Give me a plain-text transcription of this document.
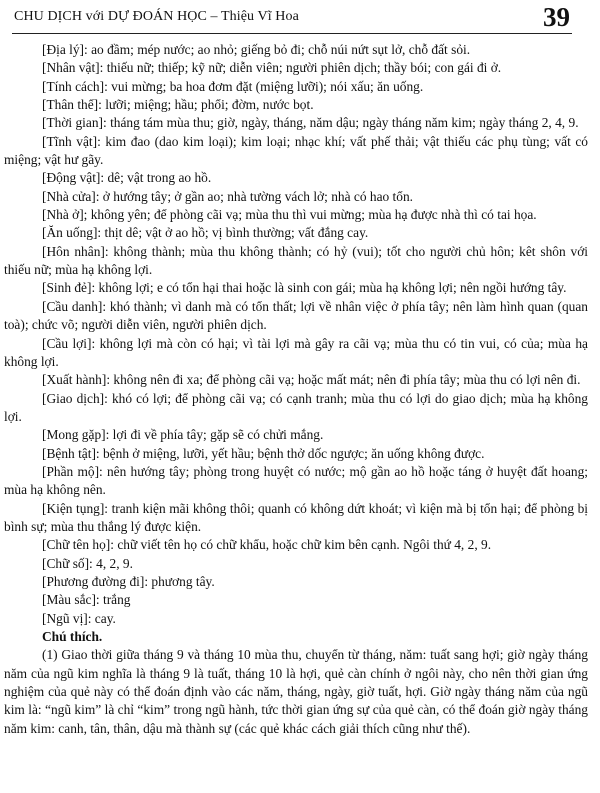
CHU DỊCH với DỰ ĐOÁN HỌC – Thiệu Vĩ Hoa	39

[Địa lý]: ao đầm; mép nước; ao nhỏ; giếng bỏ đi; chỗ núi nứt sụt lở, chỗ đất sỏi.

[Nhân vật]: thiếu nữ; thiếp; kỹ nữ; diễn viên; người phiên dịch; thầy bói; con gái đi ở.

[Tính cách]: vui mừng; ba hoa đơm đặt (miệng lưỡi); nói xấu; ăn uống.

[Thân thể]: lưỡi; miệng; hầu; phổi; đờm, nước bọt.

[Thời gian]: tháng tám mùa thu; giờ, ngày, tháng, năm dậu; ngày tháng năm kim; ngày tháng 2, 4, 9.

[Tĩnh vật]: kim đao (dao kim loại); kim loại; nhạc khí; vất phế thải; vật thiếu các phụ tùng; vất có miệng; vật hư gãy.

[Động vật]: dê; vật trong ao hồ.

[Nhà cửa]: ở hướng tây; ở gần ao; nhà tường vách lở; nhà có hao tổn.

[Nhà ở]; không yên; để phòng cãi vạ; mùa thu thì vui mừng; mùa hạ được nhà thì có tai họa.

[Ăn uống]: thịt dê; vật ở ao hồ; vị bình thường; vất đắng cay.

[Hôn nhân]: không thành; mùa thu không thành; có hỷ (vui); tốt cho người chủ hôn; kêt shôn với thiếu nữ; mùa hạ không lợi.

[Sinh đẻ]: không lợi; e có tổn hại thai hoặc là sinh con gái; mùa hạ không lợi; nên ngồi hướng tây.

[Cầu danh]: khó thành; vì danh mà có tổn thất; lợi về nhân việc ở phía tây; nên làm hình quan (quan toà); chức võ; người diễn viên, người phiên dịch.

[Cầu lợi]: không lợi mà còn có hại; vì tài lợi mà gây ra cãi vạ; mùa thu có tin vui, có của; mùa hạ không lợi.

[Xuất hành]: không nên đi xa; để phòng cãi vạ; hoặc mất mát; nên đi phía tây; mùa thu có lợi nên đi.

[Giao dịch]: khó có lợi; để phòng cãi vạ; có cạnh tranh; mùa thu có lợi do giao dịch; mùa hạ không lợi.

[Mong gặp]: lợi đi về phía tây; gặp sẽ có chửi mắng.

[Bệnh tật]: bệnh ở miệng, lưỡi, yết hầu; bệnh thở dốc ngược; ăn uống không được.

[Phần mộ]: nên hướng tây; phòng trong huyệt có nước; mộ gần ao hồ hoặc táng ở huyệt đất hoang; mùa hạ không nên.

[Kiện tụng]: tranh kiện mãi không thôi; quanh có không dứt khoát; vì kiện mà bị tổn hại; để phòng bị bình sự; mùa thu thắng lý được kiện.

[Chữ tên họ]: chữ viết tên họ có chữ khẩu, hoặc chữ kim bên cạnh. Ngôi thứ 4, 2, 9.

[Chữ số]: 4, 2, 9.

[Phương đường đi]: phương tây.

[Màu sắc]: trắng

[Ngũ vị]: cay.

Chú thích.

(1) Giao thời giữa tháng 9 và tháng 10 mùa thu, chuyển từ tháng, năm: tuất sang hợi; giờ ngày tháng năm của ngũ kim nghĩa là tháng 9 là tuất, tháng 10 là hợi, quẻ càn chính ở ngôi này, cho nên thời gian ứng nghiệm của quẻ này có thể đoán định vào các năm, tháng, ngày, giờ tuất, hợi. Giờ ngày tháng năm của ngũ kim là: “ngũ kim” là chỉ “kim” trong ngũ hành, tức thời gian ứng sự của quẻ càn, có thể đoán giờ ngày tháng năm kim: canh, tân, thân, dậu mà thành sự (các quẻ khác cách giải thích cũng như thế).
